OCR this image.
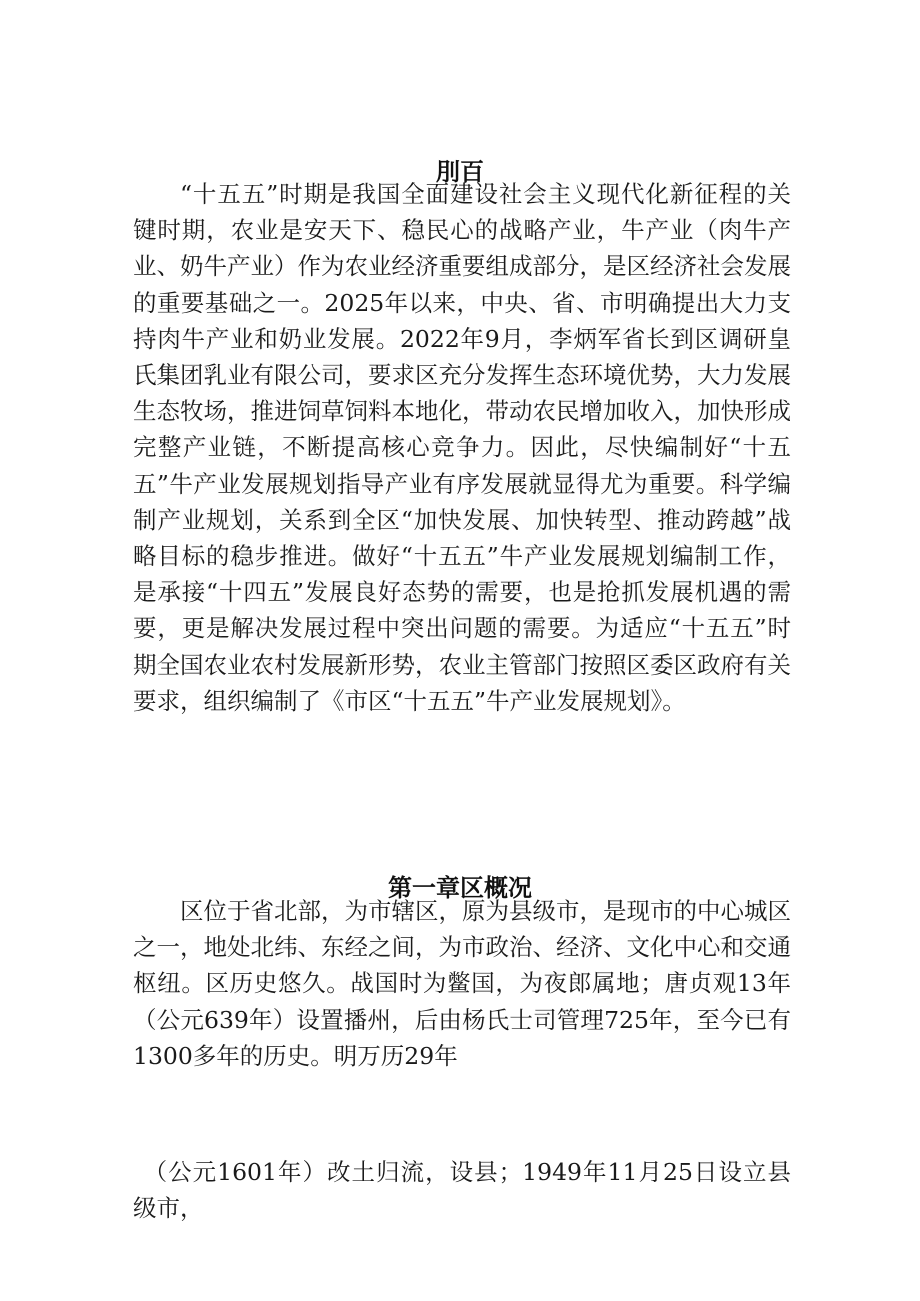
刖百

“十五五”时期是我国全面建设社会主义现代化新征程的关键时期，农业是安天下、稳民心的战略产业，牛产业（肉牛产业、奶牛产业）作为农业经济重要组成部分，是区经济社会发展的重要基础之一。2025年以来，中央、省、市明确提出大力支持肉牛产业和奶业发展。2022年9月，李炳军省长到区调研皇氏集团乳业有限公司，要求区充分发挥生态环境优势，大力发展生态牧场，推进饲草饲料本地化，带动农民增加收入，加快形成完整产业链，不断提高核心竞争力。因此，尽快编制好“十五五”牛产业发展规划指导产业有序发展就显得尤为重要。科学编制产业规划，关系到全区“加快发展、加快转型、推动跨越”战略目标的稳步推进。做好“十五五”牛产业发展规划编制工作，是承接“十四五”发展良好态势的需要，也是抢抓发展机遇的需要，更是解决发展过程中突出问题的需要。为适应“十五五”时期全国农业农村发展新形势，农业主管部门按照区委区政府有关要求，组织编制了《市区“十五五”牛产业发展规划》。

第一章区概况

区位于省北部，为市辖区，原为县级市，是现市的中心城区之一，地处北纬、东经之间，为市政治、经济、文化中心和交通枢纽。区历史悠久。战国时为鳖国，为夜郎属地；唐贞观13年（公元639年）设置播州，后由杨氏士司管理725年，至今已有1300多年的历史。明万历29年

（公元1601年）改土归流，设县；1949年11月25日设立县级市，
